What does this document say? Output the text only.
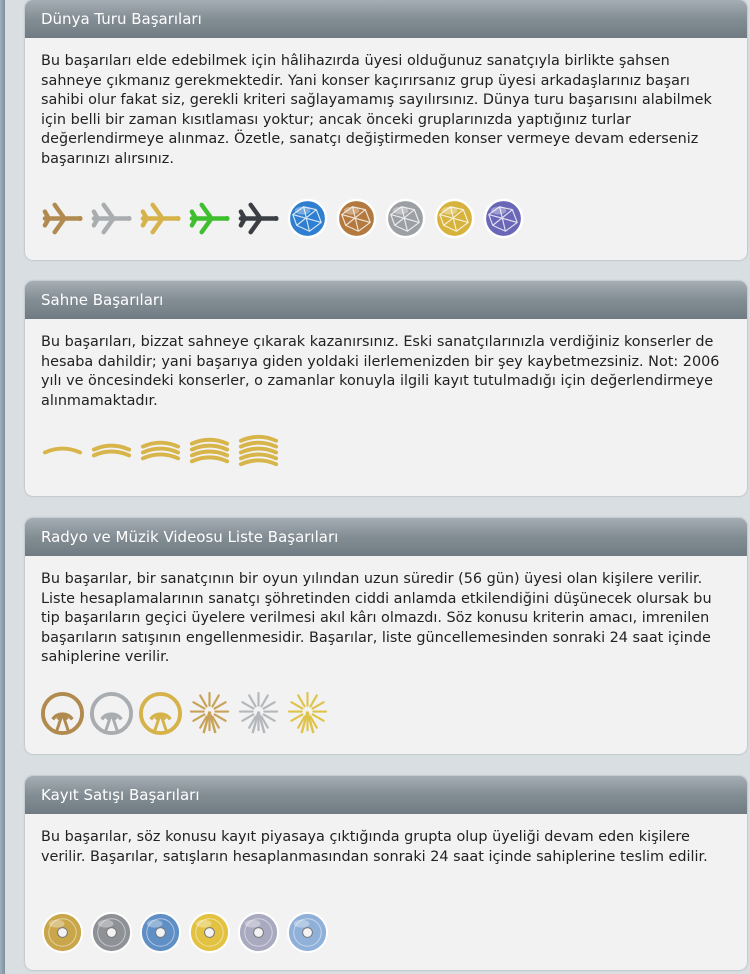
Dünya Turu Başarıları
Bu başarıları elde edebilmek için hâlihazırda üyesi olduğunuz sanatçıyla birlikte şahsen sahneye çıkmanız gerekmektedir. Yani konser kaçırırsanız grup üyesi arkadaşlarınız başarı sahibi olur fakat siz, gerekli kriteri sağlayamamış sayılırsınız. Dünya turu başarısını alabilmek için belli bir zaman kısıtlaması yoktur; ancak önceki gruplarınızda yaptığınız turlar değerlendirmeye alınmaz. Özetle, sanatçı değiştirmeden konser vermeye devam ederseniz başarınızı alırsınız.
Sahne Başarıları
Bu başarıları, bizzat sahneye çıkarak kazanırsınız. Eski sanatçılarınızla verdiğiniz konserler de hesaba dahildir; yani başarıya giden yoldaki ilerlemenizden bir şey kaybetmezsiniz. Not: 2006 yılı ve öncesindeki konserler, o zamanlar konuyla ilgili kayıt tutulmadığı için değerlendirmeye alınmamaktadır.
Radyo ve Müzik Videosu Liste Başarıları
Bu başarılar, bir sanatçının bir oyun yılından uzun süredir (56 gün) üyesi olan kişilere verilir. Liste hesaplamalarının sanatçı şöhretinden ciddi anlamda etkilendiğini düşünecek olursak bu tip başarıların geçici üyelere verilmesi akıl kârı olmazdı. Söz konusu kriterin amacı, imrenilen başarıların satışının engellenmesidir. Başarılar, liste güncellemesinden sonraki 24 saat içinde sahiplerine verilir.
Kayıt Satışı Başarıları
Bu başarılar, söz konusu kayıt piyasaya çıktığında grupta olup üyeliği devam eden kişilere verilir. Başarılar, satışların hesaplanmasından sonraki 24 saat içinde sahiplerine teslim edilir.
